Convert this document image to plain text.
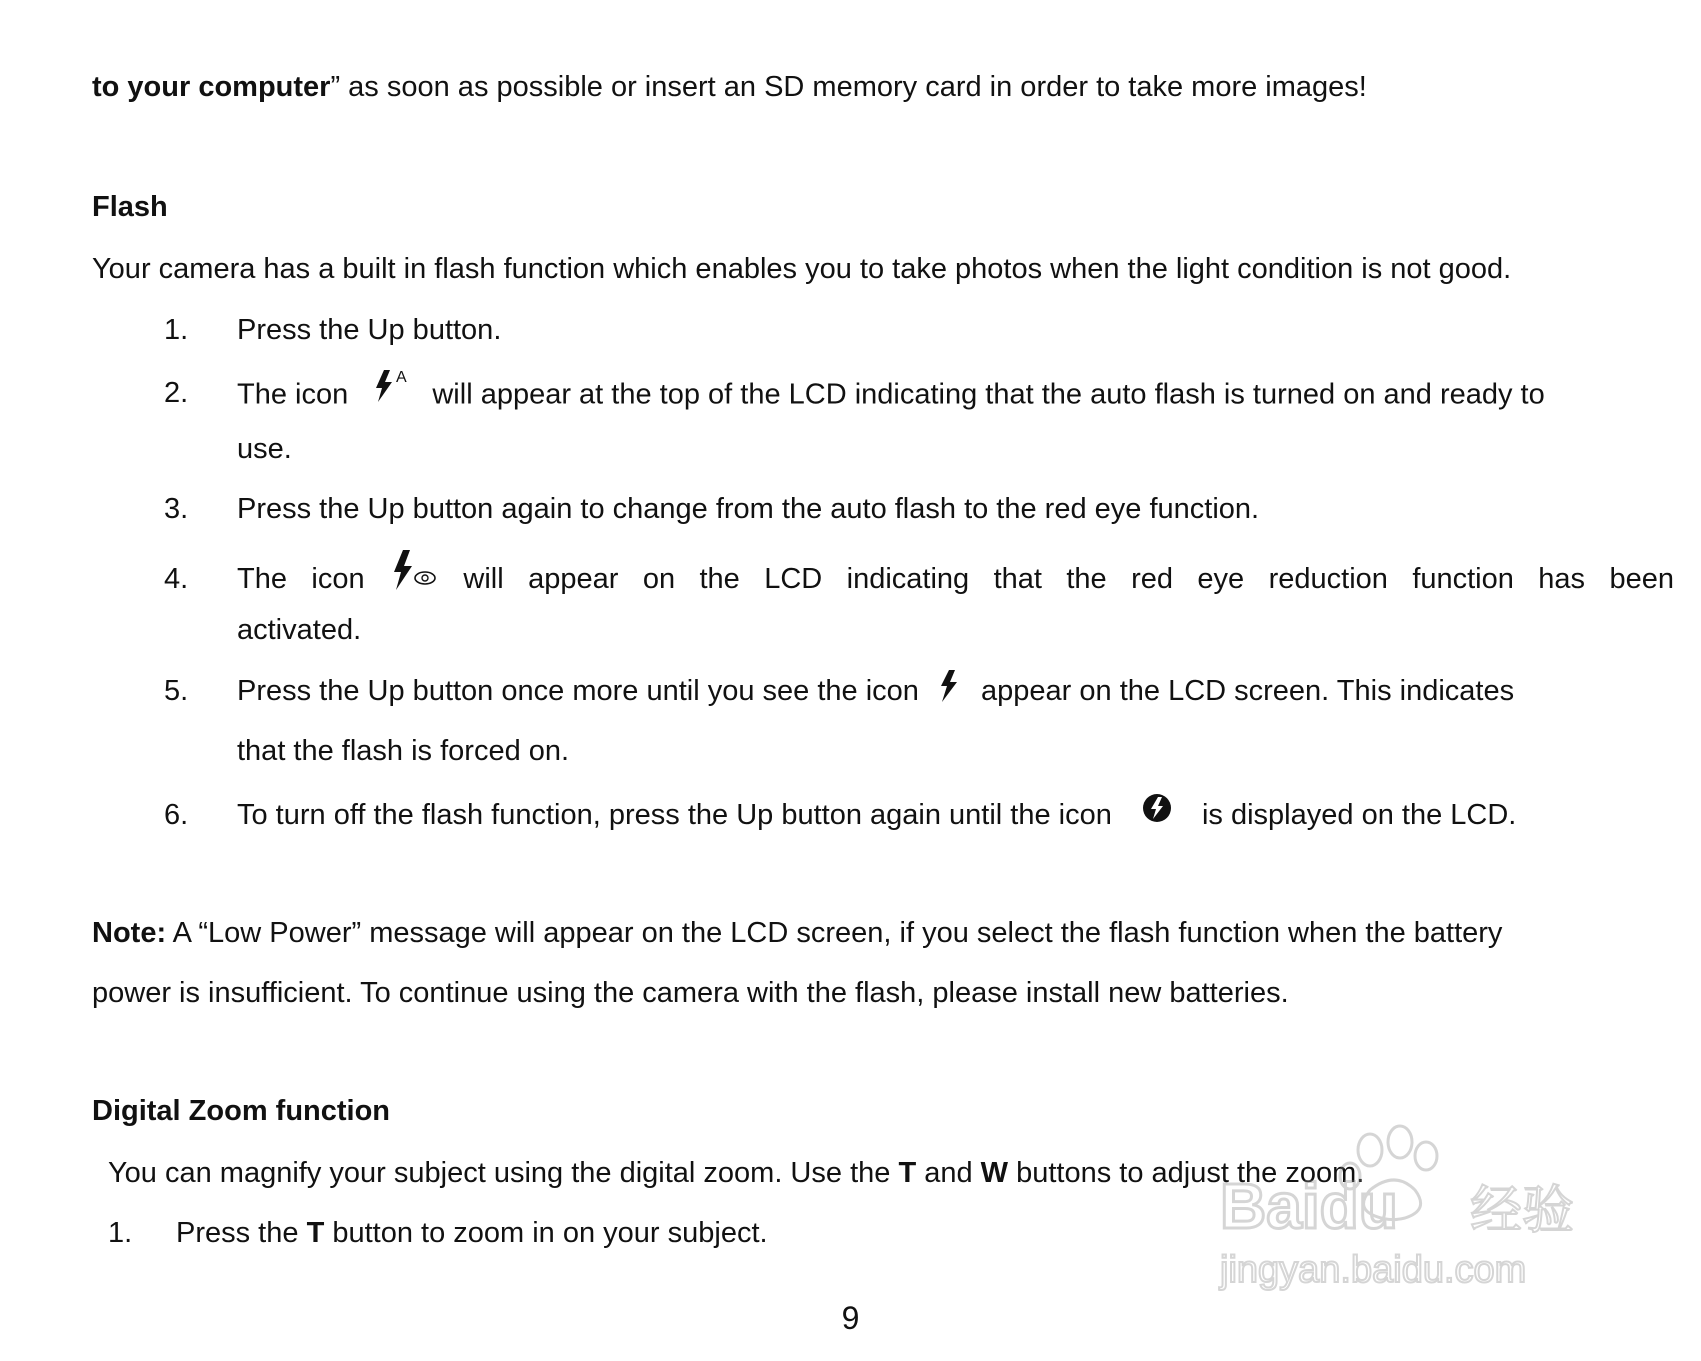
to your computer” as soon as possible or insert an SD memory card in order to take more images!
Flash
Your camera has a built in flash function which enables you to take photos when the light condition is not good.
1. Press the Up button.
2. The icon
A
will appear at the top of the LCD indicating that the auto flash is turned on and ready to
use.
3. Press the Up button again to change from the auto flash to the red eye function.
4. The icon	will appear on the LCD indicating that the red eye reduction function has been
activated.
5. Press the Up button once more until you see the icon appear on the LCD screen. This indicates
that the flash is forced on.
6. To turn off the flash function, press the Up button again until the icon	is displayed on the LCD.
Note: A “Low Power” message will appear on the LCD screen, if you select the flash function when the battery
power is insufficient. To continue using the camera with the flash, please install new batteries.
Digital Zoom function
You can magnify your subject using the digital zoom. Use the T and W buttons to adjust the zoom.
1. Press the T button to zoom in on your subject.
9
Baidu 经验
jingyan.baidu.com
